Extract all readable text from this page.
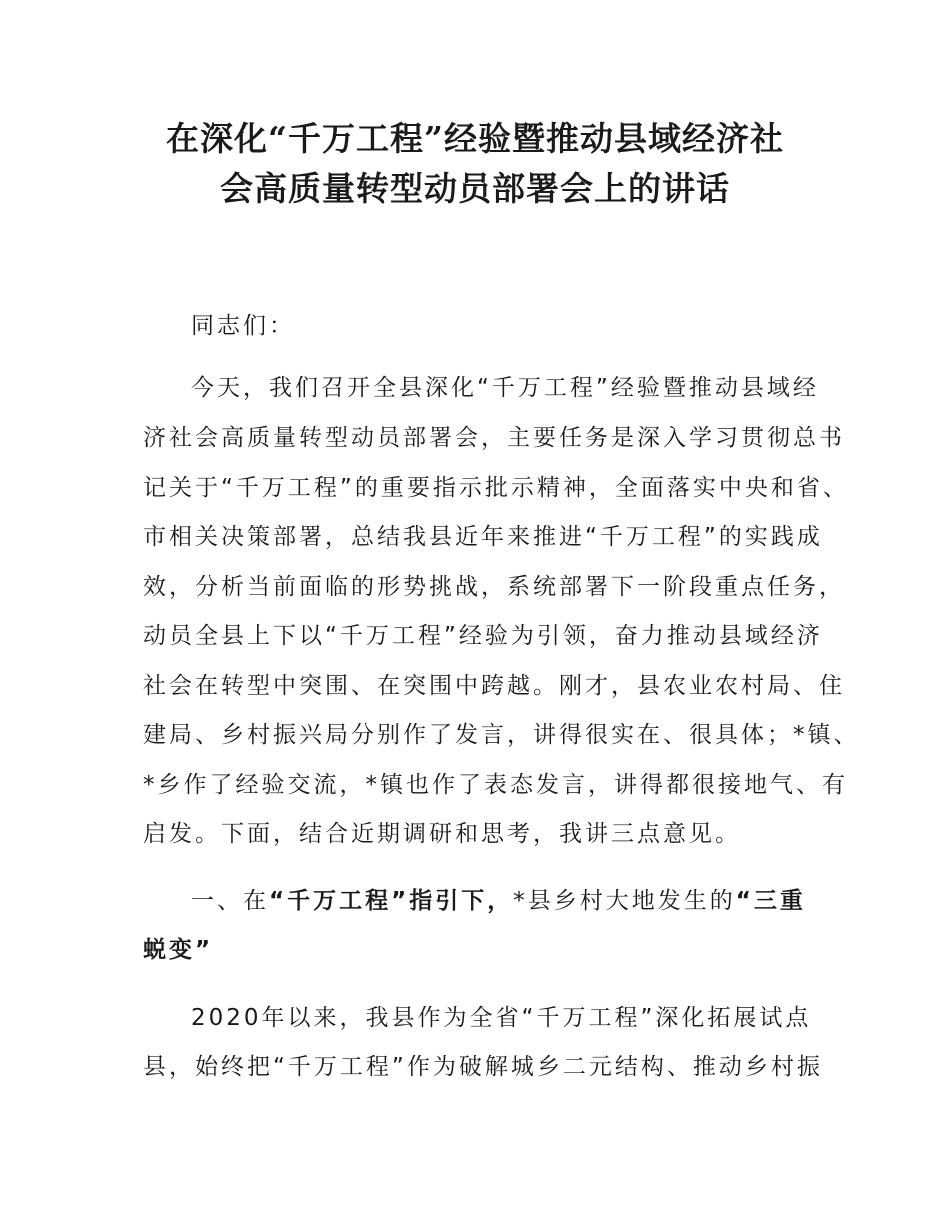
在深化“千万工程”经验暨推动县域经济社
会高质量转型动员部署会上的讲话
同志们：
今天，我们召开全县深化“千万工程”经验暨推动县域经
济社会高质量转型动员部署会，主要任务是深入学习贯彻总书
记关于“千万工程”的重要指示批示精神，全面落实中央和省、
市相关决策部署，总结我县近年来推进“千万工程”的实践成
效，分析当前面临的形势挑战，系统部署下一阶段重点任务，
动员全县上下以“千万工程”经验为引领，奋力推动县域经济
社会在转型中突围、在突围中跨越。刚才，县农业农村局、住
建局、乡村振兴局分别作了发言，讲得很实在、很具体；*镇、
*乡作了经验交流，*镇也作了表态发言，讲得都很接地气、有
启发。下面，结合近期调研和思考，我讲三点意见。
一、在“千万工程”指引下，*县乡村大地发生的“三重
蜕变”
2020年以来，我县作为全省“千万工程”深化拓展试点
县，始终把“千万工程”作为破解城乡二元结构、推动乡村振
